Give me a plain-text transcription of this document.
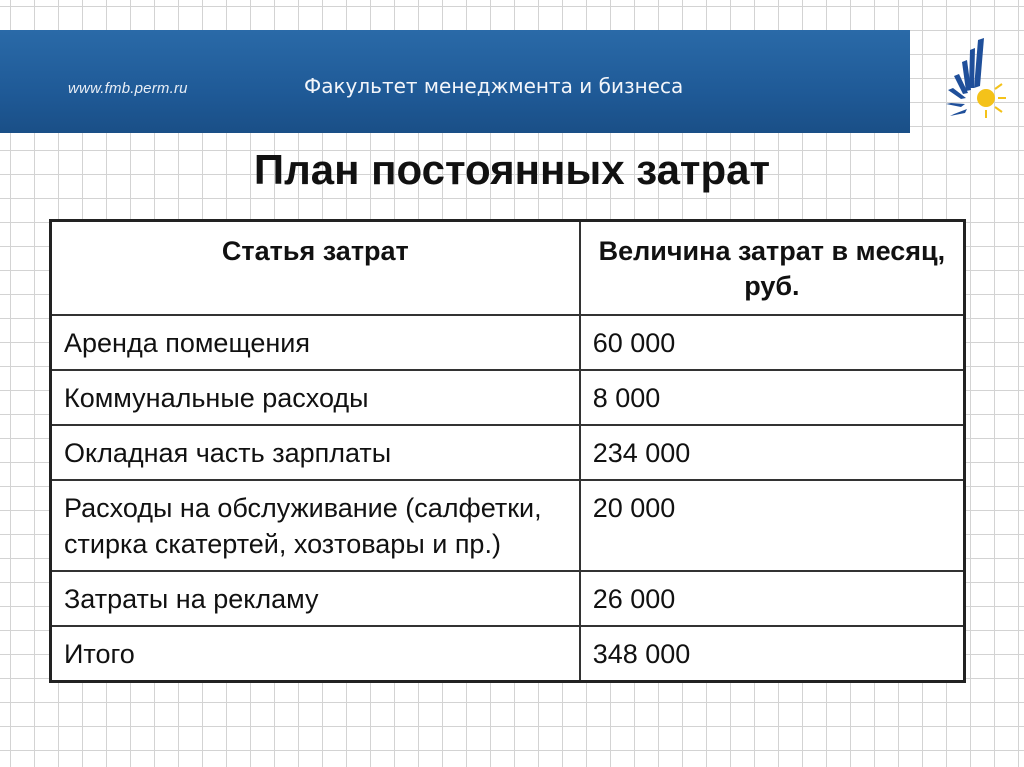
www.fmb.perm.ru	Факультет менеджмента и бизнеса
План постоянных затрат
Статья затрат	Величина затрат в месяц, руб.
Аренда помещения	60 000
Коммунальные расходы	8 000
Окладная часть зарплаты	234 000
Расходы на обслуживание (салфетки, стирка скатертей, хозтовары и пр.)	20 000
Затраты на рекламу	26 000
Итого	348 000
